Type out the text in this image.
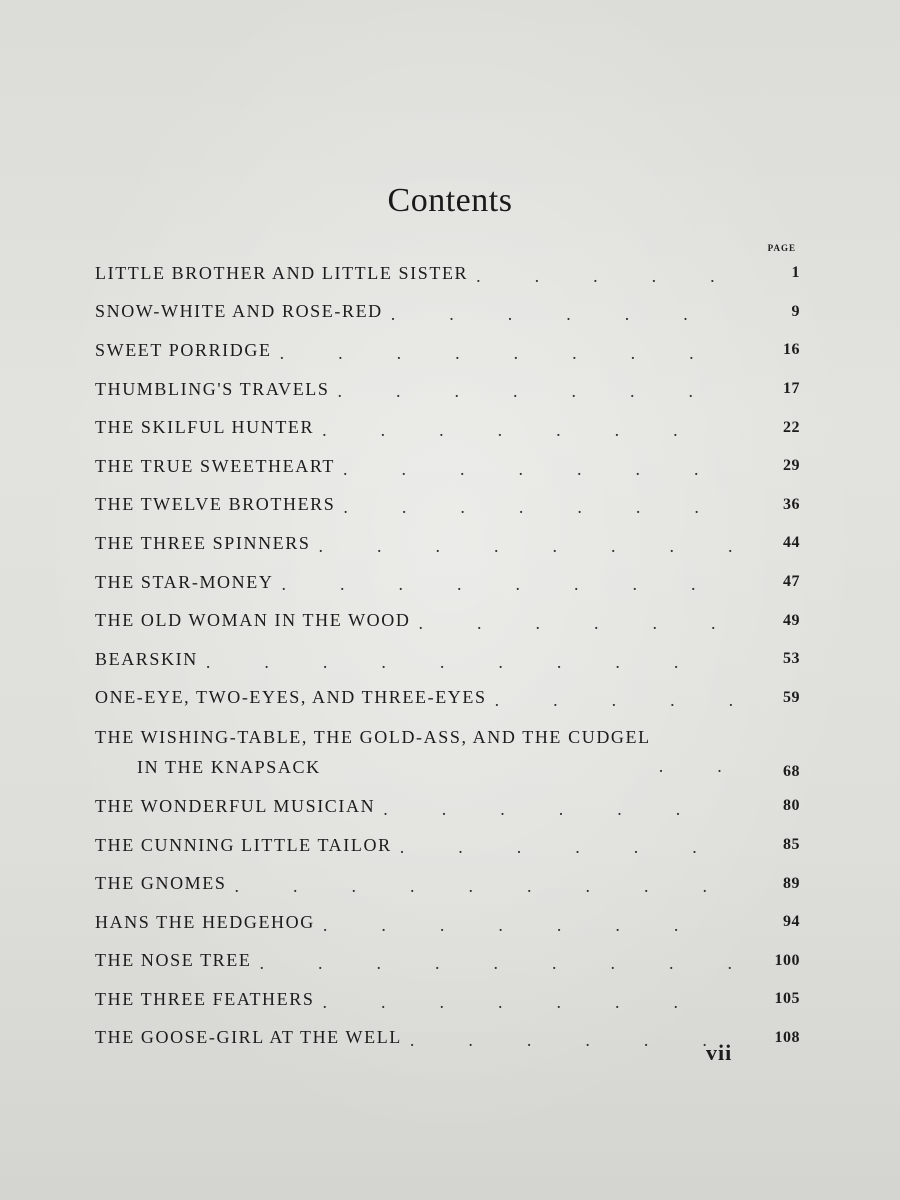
Contents
PAGE
LITTLE BROTHER AND LITTLE SISTER .	1
SNOW-WHITE AND ROSE-RED .	9
SWEET PORRIDGE .	16
THUMBLING'S TRAVELS .	17
THE SKILFUL HUNTER .	22
THE TRUE SWEETHEART .	29
THE TWELVE BROTHERS .	36
THE THREE SPINNERS .	44
THE STAR-MONEY .	47
THE OLD WOMAN IN THE WOOD .	49
BEARSKIN .	53
ONE-EYE, TWO-EYES, AND THREE-EYES .	59
THE WISHING-TABLE, THE GOLD-ASS, AND THE CUDGEL
IN THE KNAPSACK .	68
THE WONDERFUL MUSICIAN .	80
THE CUNNING LITTLE TAILOR .	85
THE GNOMES .	89
HANS THE HEDGEHOG .	94
THE NOSE TREE .	100
THE THREE FEATHERS .	105
THE GOOSE-GIRL AT THE WELL .	108
vii
